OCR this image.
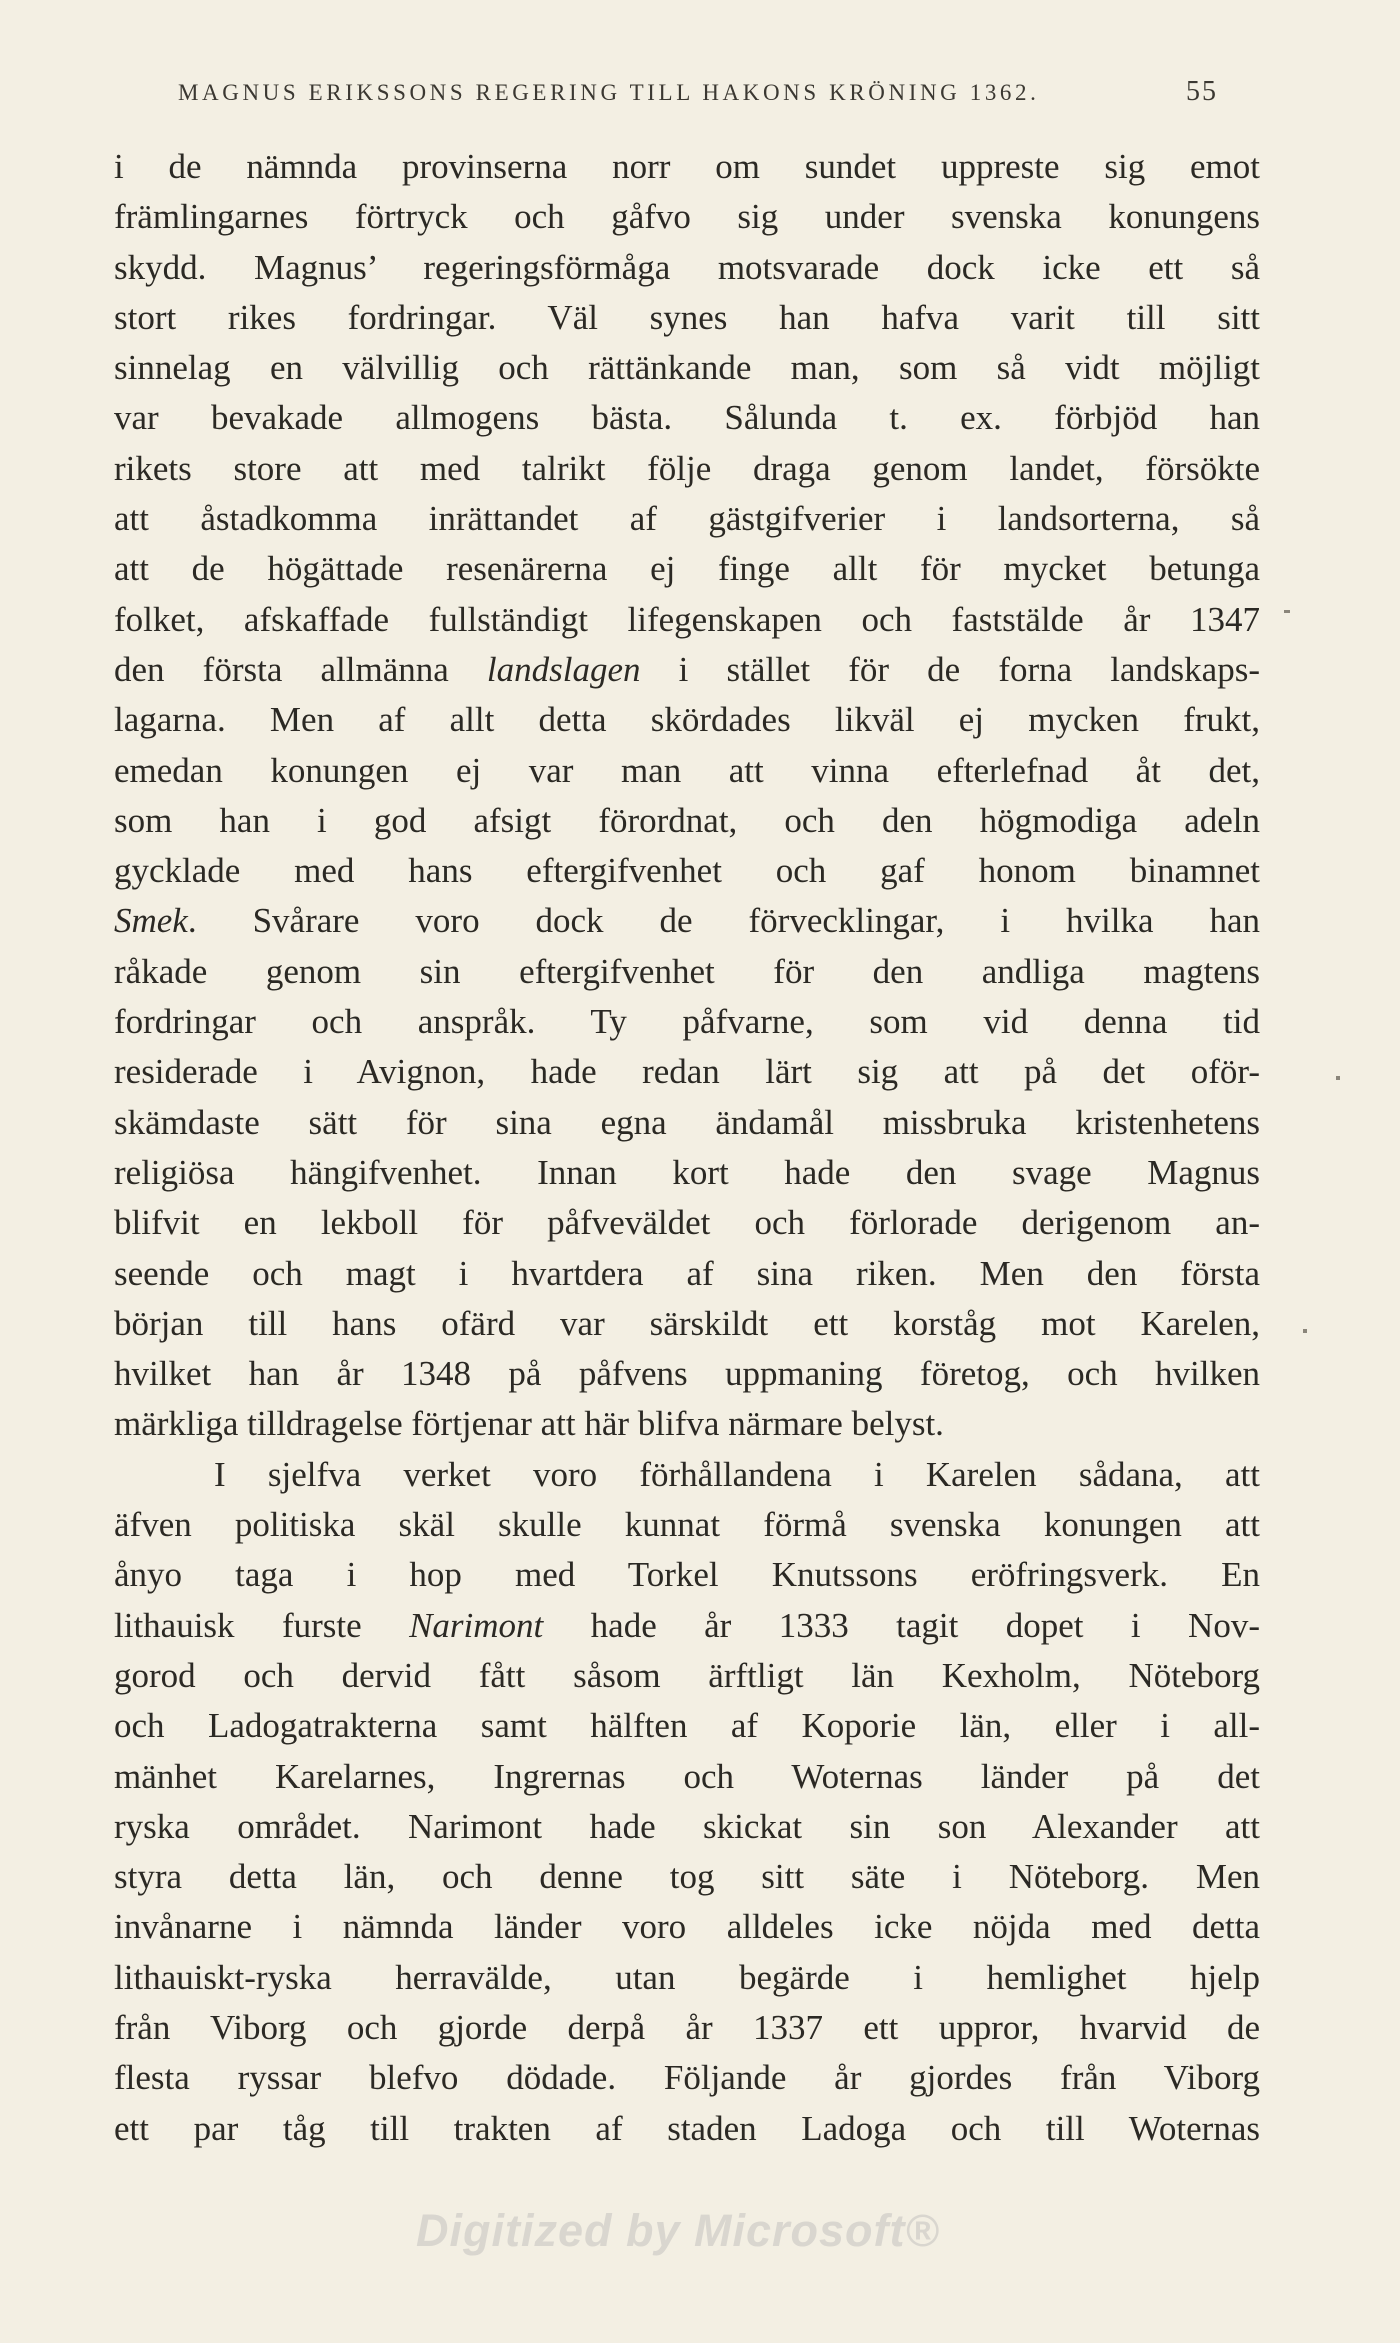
MAGNUS ERIKSSONS REGERING TILL HAKONS KRÖNING 1362.	55
i de nämnda provinserna norr om sundet uppreste sig emot
främlingarnes förtryck och gåfvo sig under svenska konungens
skydd. Magnus’ regeringsförmåga motsvarade dock icke ett så
stort rikes fordringar. Väl synes han hafva varit till sitt
sinnelag en välvillig och rättänkande man, som så vidt möjligt
var bevakade allmogens bästa. Sålunda t. ex. förbjöd han
rikets store att med talrikt följe draga genom landet, försökte
att åstadkomma inrättandet af gästgifverier i landsorterna, så
att de högättade resenärerna ej finge allt för mycket betunga
folket, afskaffade fullständigt lifegenskapen och faststälde år 1347
den första allmänna landslagen i stället för de forna landskaps-
lagarna. Men af allt detta skördades likväl ej mycken frukt,
emedan konungen ej var man att vinna efterlefnad åt det,
som han i god afsigt förordnat, och den högmodiga adeln
gycklade med hans eftergifvenhet och gaf honom binamnet
Smek. Svårare voro dock de förvecklingar, i hvilka han
råkade genom sin eftergifvenhet för den andliga magtens
fordringar och anspråk. Ty påfvarne, som vid denna tid
residerade i Avignon, hade redan lärt sig att på det oför-
skämdaste sätt för sina egna ändamål missbruka kristenhetens
religiösa hängifvenhet. Innan kort hade den svage Magnus
blifvit en lekboll för påfveväldet och förlorade derigenom an-
seende och magt i hvartdera af sina riken. Men den första
början till hans ofärd var särskildt ett korståg mot Karelen,
hvilket han år 1348 på påfvens uppmaning företog, och hvilken
märkliga tilldragelse förtjenar att här blifva närmare belyst.
I sjelfva verket voro förhållandena i Karelen sådana, att
äfven politiska skäl skulle kunnat förmå svenska konungen att
ånyo taga i hop med Torkel Knutssons eröfringsverk. En
lithauisk furste Narimont hade år 1333 tagit dopet i Nov-
gorod och dervid fått såsom ärftligt län Kexholm, Nöteborg
och Ladogatrakterna samt hälften af Koporie län, eller i all-
mänhet Karelarnes, Ingrernas och Woternas länder på det
ryska området. Narimont hade skickat sin son Alexander att
styra detta län, och denne tog sitt säte i Nöteborg. Men
invånarne i nämnda länder voro alldeles icke nöjda med detta
lithauiskt-ryska herravälde, utan begärde i hemlighet hjelp
från Viborg och gjorde derpå år 1337 ett uppror, hvarvid de
flesta ryssar blefvo dödade. Följande år gjordes från Viborg
ett par tåg till trakten af staden Ladoga och till Woternas
Digitized by Microsoft®
